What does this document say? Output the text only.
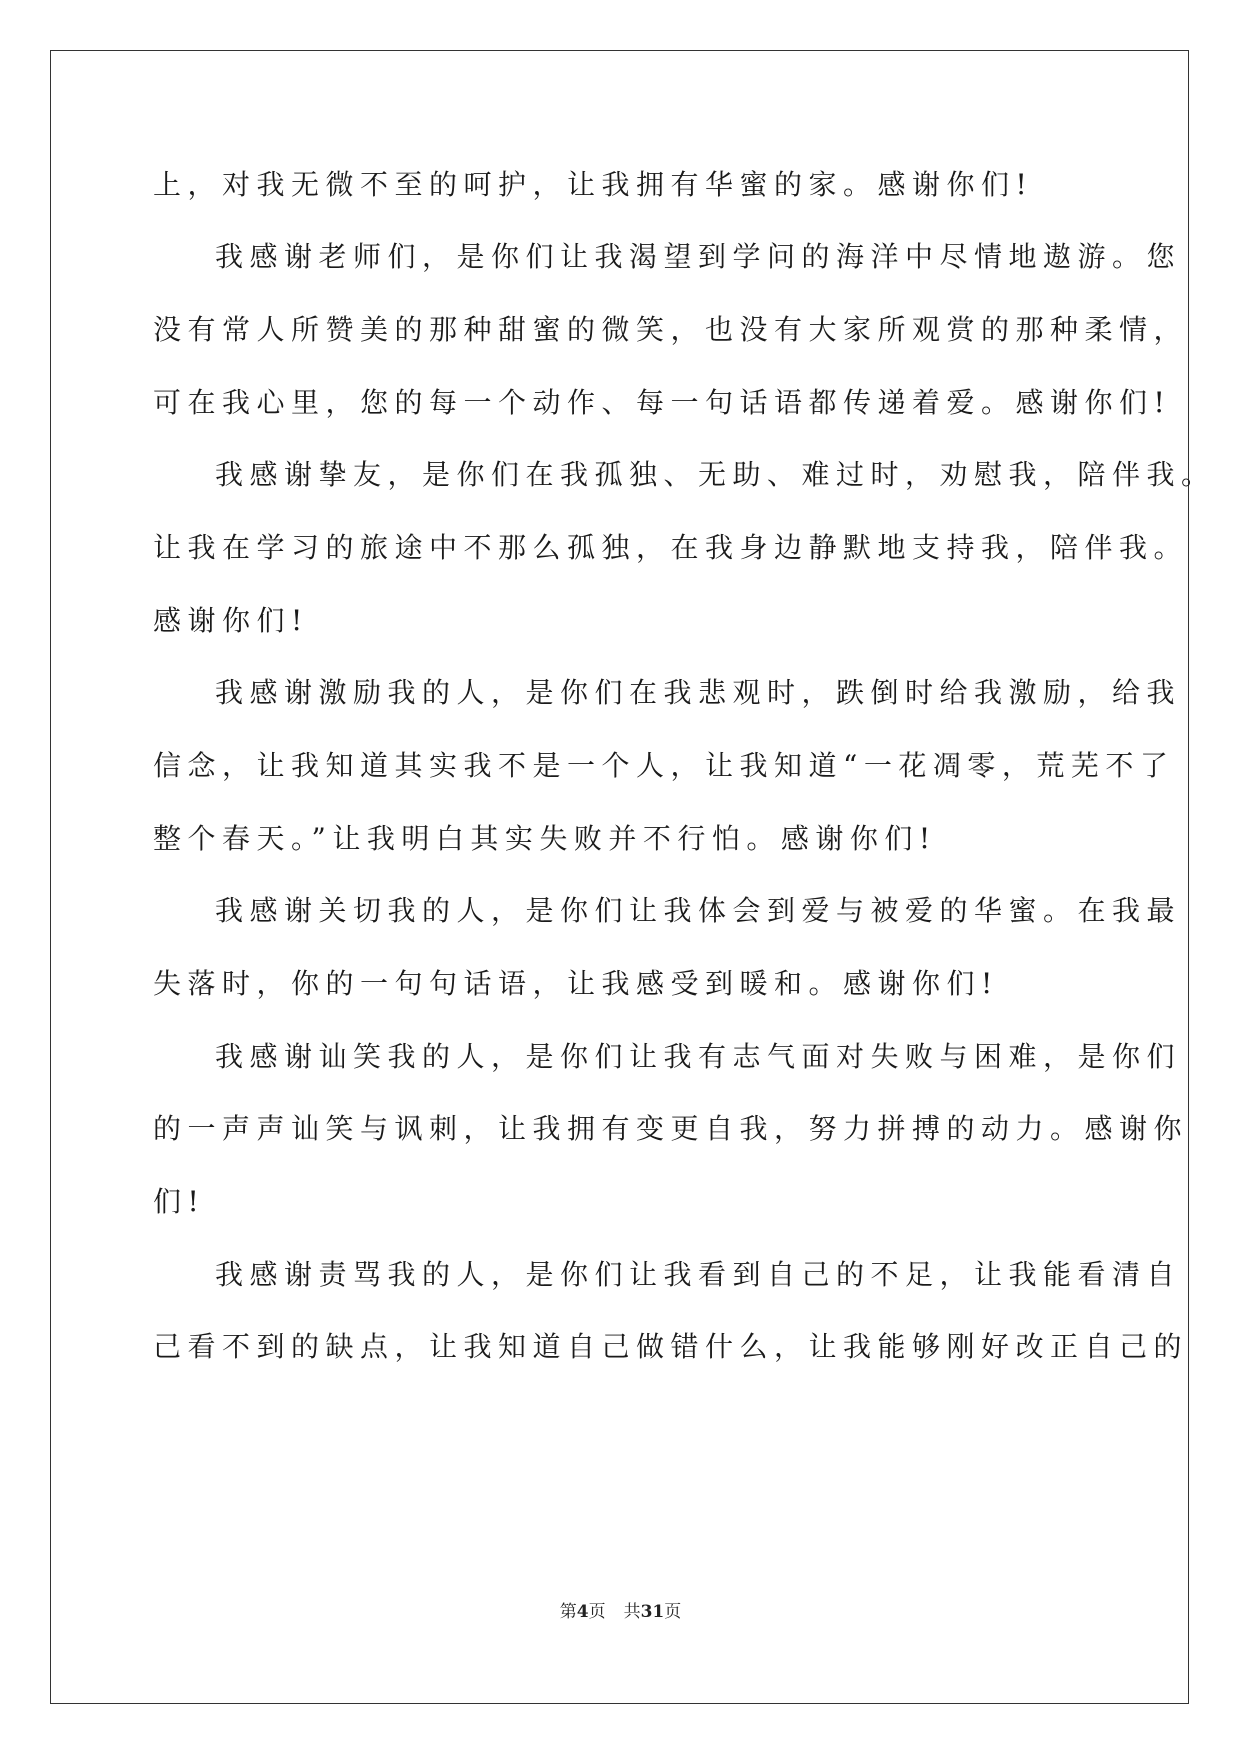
上，对我无微不至的呵护，让我拥有华蜜的家。感谢你们!
我感谢老师们，是你们让我渴望到学问的海洋中尽情地遨游。您
没有常人所赞美的那种甜蜜的微笑，也没有大家所观赏的那种柔情，
可在我心里，您的每一个动作、每一句话语都传递着爱。感谢你们!
我感谢挚友，是你们在我孤独、无助、难过时，劝慰我，陪伴我。
让我在学习的旅途中不那么孤独，在我身边静默地支持我，陪伴我。
感谢你们!
我感谢激励我的人，是你们在我悲观时，跌倒时给我激励，给我
信念，让我知道其实我不是一个人，让我知道“一花凋零，荒芜不了
整个春天。”让我明白其实失败并不行怕。感谢你们!
我感谢关切我的人，是你们让我体会到爱与被爱的华蜜。在我最
失落时，你的一句句话语，让我感受到暖和。感谢你们!
我感谢讪笑我的人，是你们让我有志气面对失败与困难，是你们
的一声声讪笑与讽刺，让我拥有变更自我，努力拼搏的动力。感谢你
们!
我感谢责骂我的人，是你们让我看到自己的不足，让我能看清自
己看不到的缺点，让我知道自己做错什么，让我能够刚好改正自己的
第4页 共31页
